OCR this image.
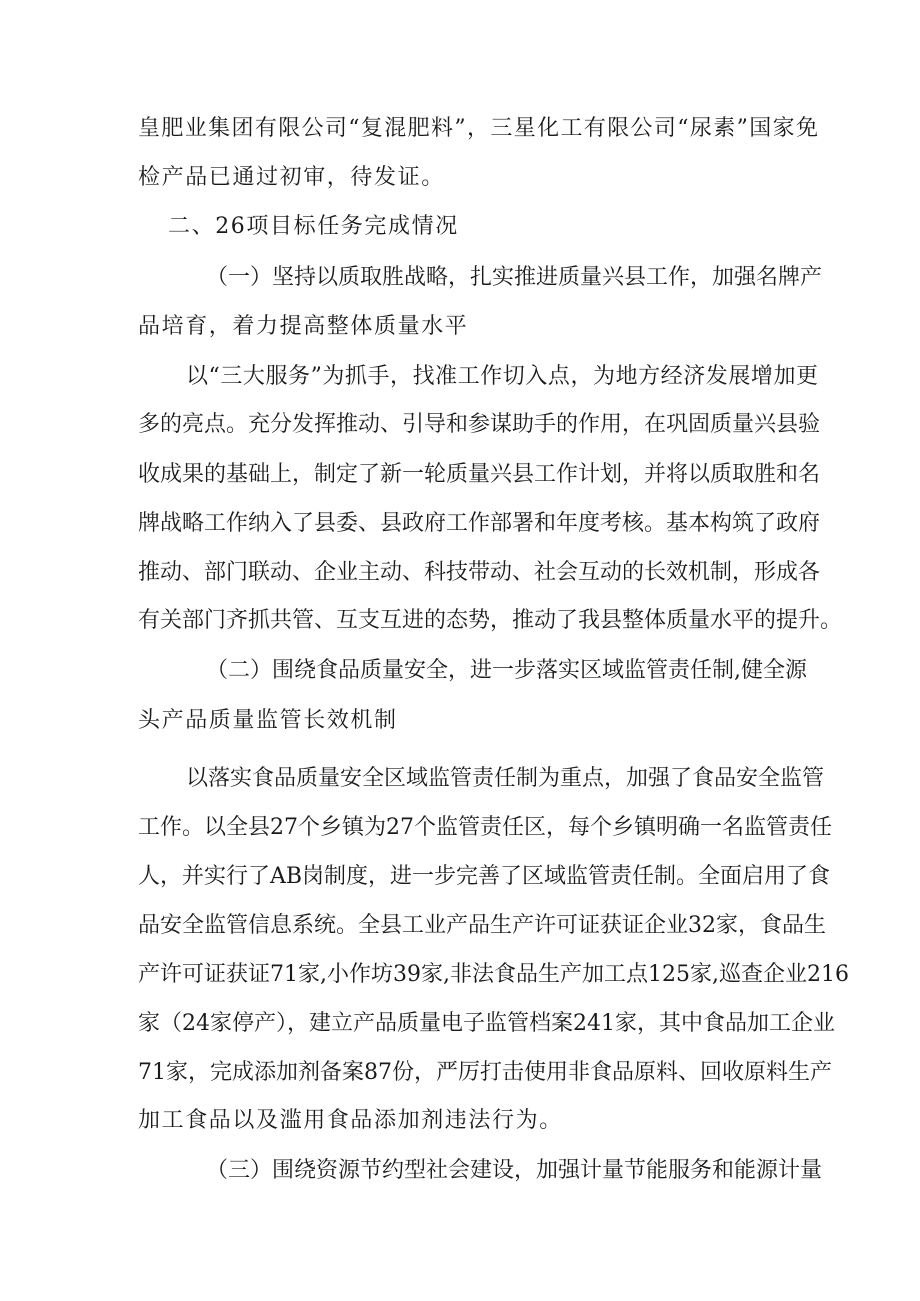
皇肥业集团有限公司“复混肥料”，三星化工有限公司“尿素”国家免
检产品已通过初审，待发证。
二、26项目标任务完成情况
（一）坚持以质取胜战略，扎实推进质量兴县工作，加强名牌产
品培育，着力提高整体质量水平
以“三大服务”为抓手，找准工作切入点，为地方经济发展增加更
多的亮点。充分发挥推动、引导和参谋助手的作用，在巩固质量兴县验
收成果的基础上，制定了新一轮质量兴县工作计划，并将以质取胜和名
牌战略工作纳入了县委、县政府工作部署和年度考核。基本构筑了政府
推动、部门联动、企业主动、科技带动、社会互动的长效机制，形成各
有关部门齐抓共管、互支互进的态势，推动了我县整体质量水平的提升。
（二）围绕食品质量安全，进一步落实区域监管责任制,健全源
头产品质量监管长效机制
以落实食品质量安全区域监管责任制为重点，加强了食品安全监管
工作。以全县27个乡镇为27个监管责任区，每个乡镇明确一名监管责任
人，并实行了AB岗制度，进一步完善了区域监管责任制。全面启用了食
品安全监管信息系统。全县工业产品生产许可证获证企业32家，食品生
产许可证获证71家,小作坊39家,非法食品生产加工点125家,巡查企业216
家（24家停产），建立产品质量电子监管档案241家，其中食品加工企业
71家，完成添加剂备案87份，严厉打击使用非食品原料、回收原料生产
加工食品以及滥用食品添加剂违法行为。
（三）围绕资源节约型社会建设，加强计量节能服务和能源计量
